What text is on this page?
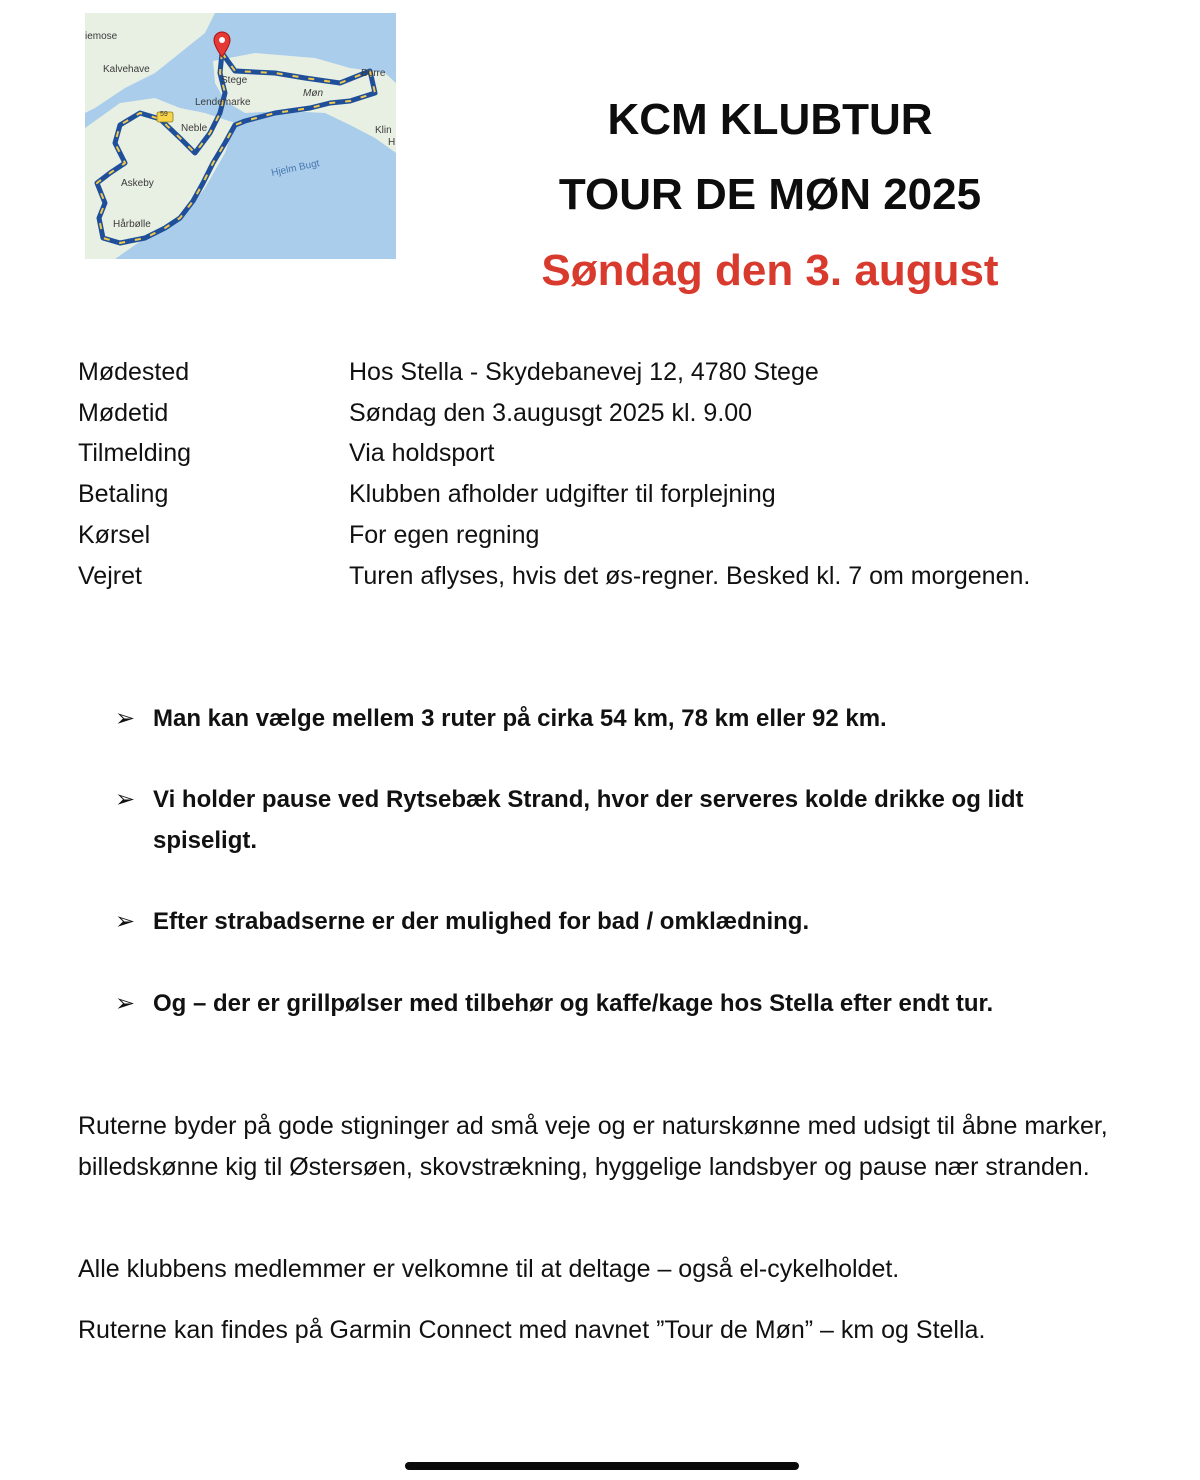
iemose
Kalvehave
Stege
Borre
Lendemarke
Møn
59
Neble	Klin
H
Hjelm Bugt
Askeby
Hårbølle
KCM KLUBTUR
TOUR DE MØN 2025
Søndag den 3. august
Mødested	Hos Stella - Skydebanevej 12, 4780 Stege
Mødetid	Søndag den 3.augusgt 2025 kl. 9.00
Tilmelding	Via holdsport
Betaling	Klubben afholder udgifter til forplejning
Kørsel	For egen regning
Vejret	Turen aflyses, hvis det øs-regner. Besked kl. 7 om morgenen.
➢ Man kan vælge mellem 3 ruter på cirka 54 km, 78 km eller 92 km.
➢ Vi holder pause ved Rytsebæk Strand, hvor der serveres kolde drikke og lidt spiseligt.
➢ Efter strabadserne er der mulighed for bad / omklædning.
➢ Og – der er grillpølser med tilbehør og kaffe/kage hos Stella efter endt tur.
Ruterne byder på gode stigninger ad små veje og er naturskønne med udsigt til åbne marker, billedskønne kig til Østersøen, skovstrækning, hyggelige landsbyer og pause nær stranden.
Alle klubbens medlemmer er velkomne til at deltage – også el-cykelholdet.
Ruterne kan findes på Garmin Connect med navnet ”Tour de Møn” – km og Stella.
